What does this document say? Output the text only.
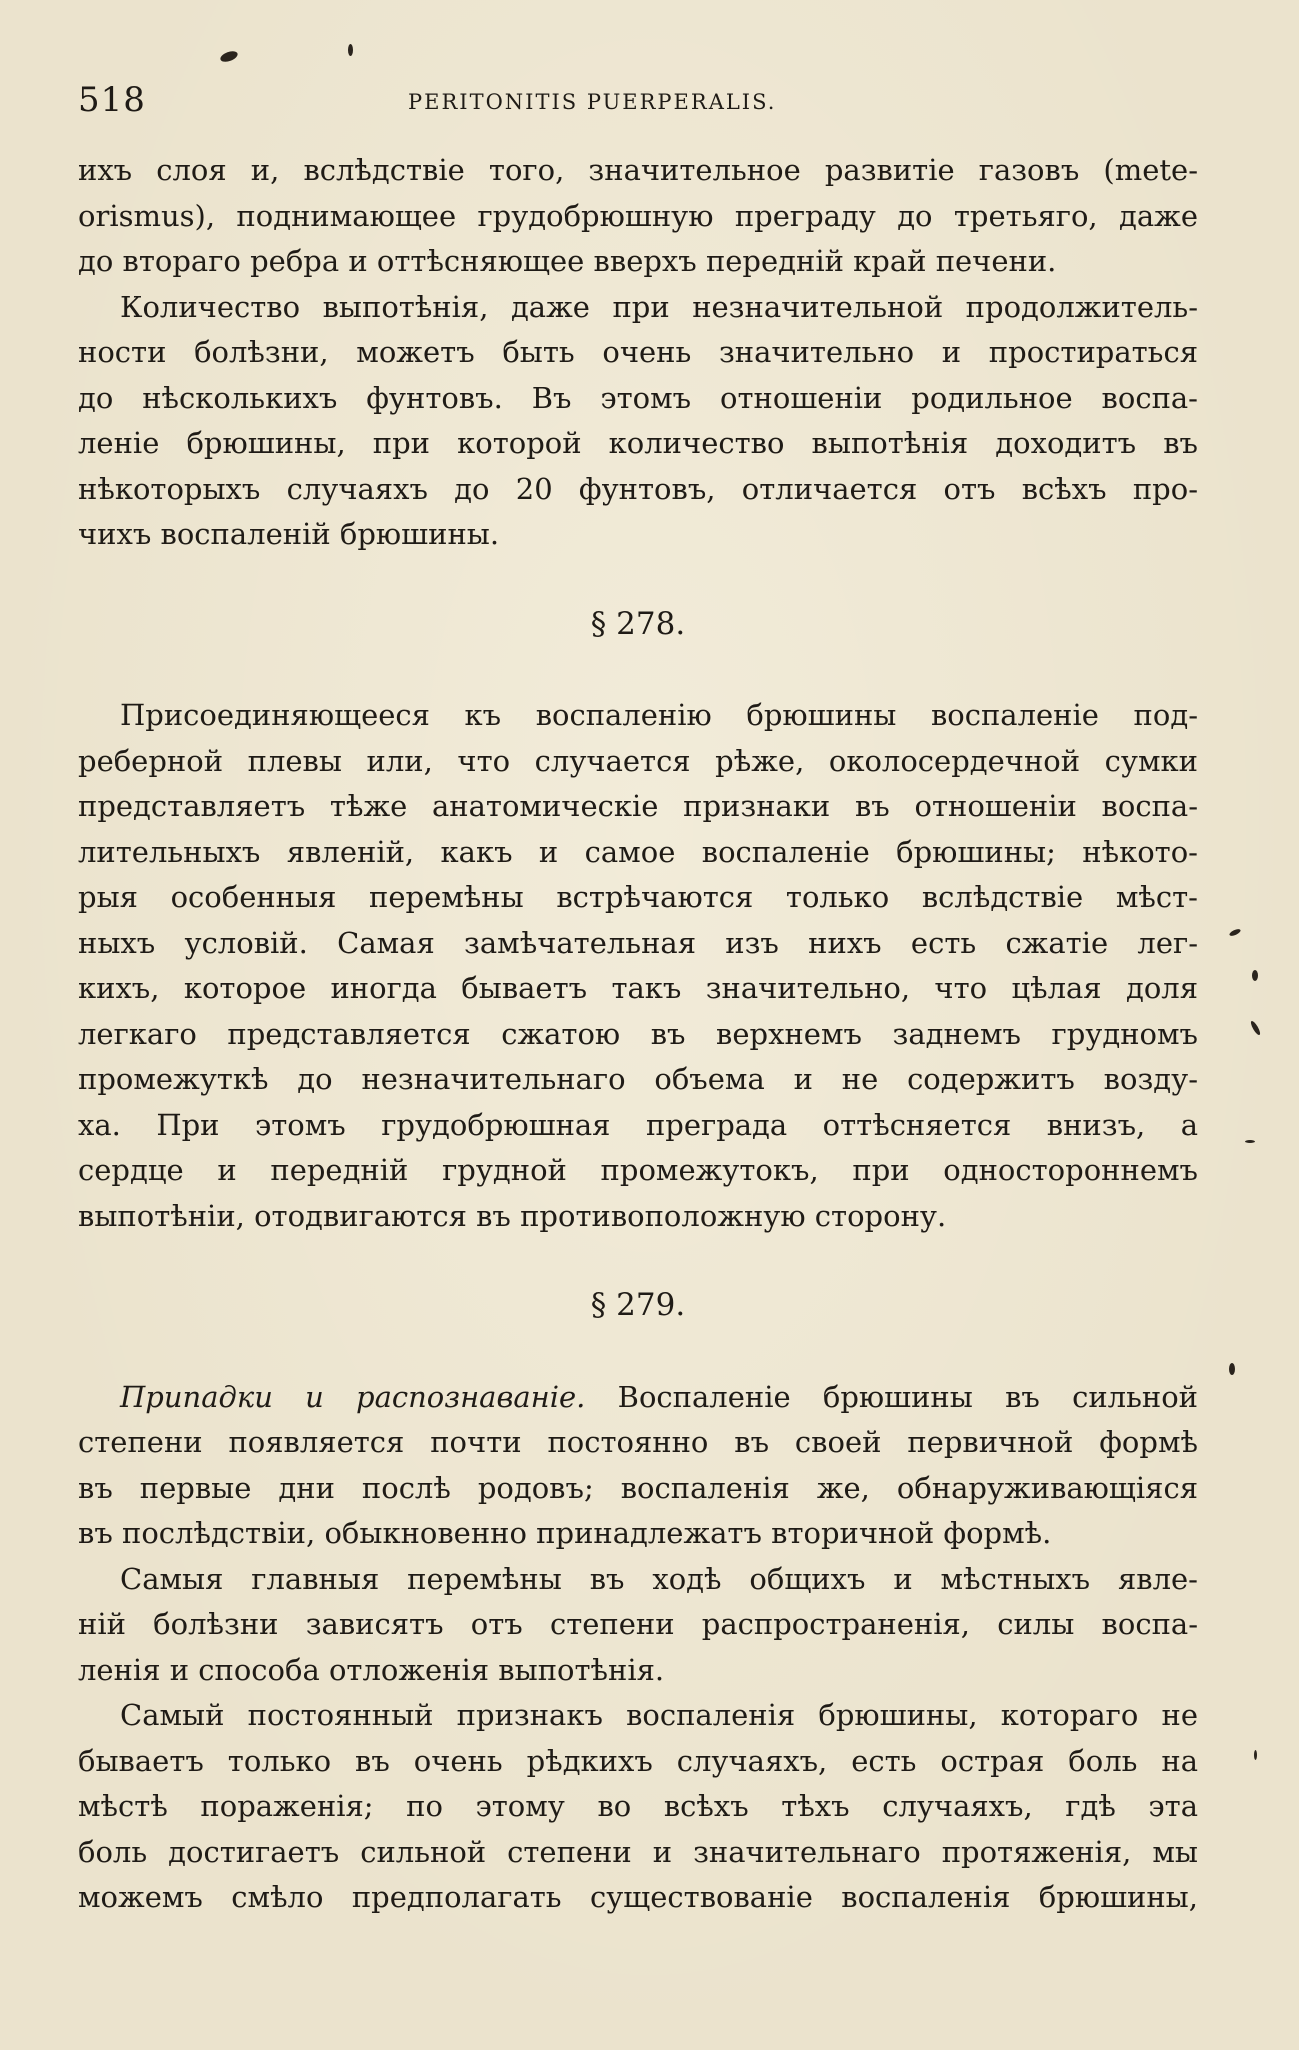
518	PERITONITIS PUERPERALIS.
ихъ слоя и, вслѣдствіе того, значительное развитіе газовъ (mete-
orismus), поднимающее грудобрюшную преграду до третьяго, даже
до втораго ребра и оттѣсняющее вверхъ передній край печени.
Количество выпотѣнія, даже при незначительной продолжитель-
ности болѣзни, можетъ быть очень значительно и простираться
до нѣсколькихъ фунтовъ. Въ этомъ отношеніи родильное воспа-
леніе брюшины, при которой количество выпотѣнія доходитъ въ
нѣкоторыхъ случаяхъ до 20 фунтовъ, отличается отъ всѣхъ про-
чихъ воспаленій брюшины.
§ 278.
Присоединяющееся къ воспаленію брюшины воспаленіе под-
реберной плевы или, что случается рѣже, околосердечной сумки
представляетъ тѣже анатомическіе признаки въ отношеніи воспа-
лительныхъ явленій, какъ и самое воспаленіе брюшины; нѣкото-
рыя особенныя перемѣны встрѣчаются только вслѣдствіе мѣст-
ныхъ условій. Самая замѣчательная изъ нихъ есть сжатіе лег-
кихъ, которое иногда бываетъ такъ значительно, что цѣлая доля
легкаго представляется сжатою въ верхнемъ заднемъ грудномъ
промежуткѣ до незначительнаго объема и не содержитъ возду-
ха. При этомъ грудобрюшная преграда оттѣсняется внизъ, а
сердце и передній грудной промежутокъ, при одностороннемъ
выпотѣніи, отодвигаются въ противоположную сторону.
§ 279.
Припадки и распознаваніе. Воспаленіе брюшины въ сильной
степени появляется почти постоянно въ своей первичной формѣ
въ первые дни послѣ родовъ; воспаленія же, обнаруживающіяся
въ послѣдствіи, обыкновенно принадлежатъ вторичной формѣ.
Самыя главныя перемѣны въ ходѣ общихъ и мѣстныхъ явле-
ній болѣзни зависятъ отъ степени распространенія, силы воспа-
ленія и способа отложенія выпотѣнія.
Самый постоянный признакъ воспаленія брюшины, котораго не
бываетъ только въ очень рѣдкихъ случаяхъ, есть острая боль на
мѣстѣ пораженія; по этому во всѣхъ тѣхъ случаяхъ, гдѣ эта
боль достигаетъ сильной степени и значительнаго протяженія, мы
можемъ смѣло предполагать существованіе воспаленія брюшины,
